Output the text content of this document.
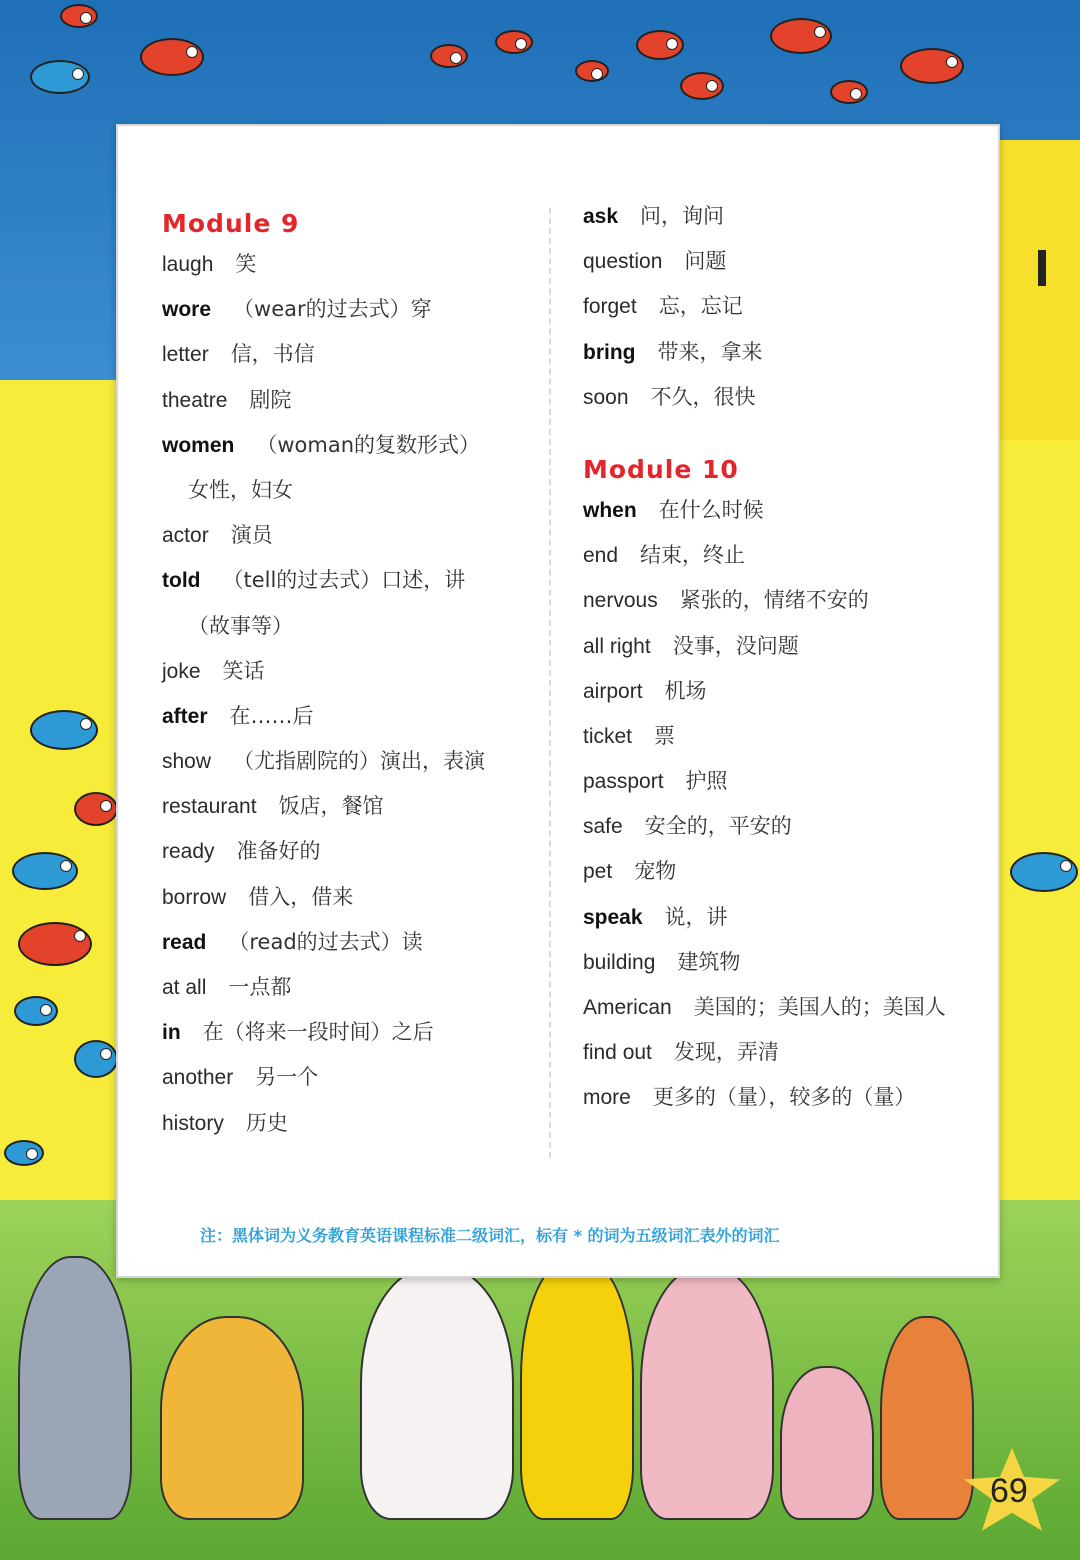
Module 9
laugh 笑
wore （wear的过去式）穿
letter 信，书信
theatre 剧院
women （woman的复数形式）
女性，妇女
actor 演员
told （tell的过去式）口述，讲
（故事等）
joke 笑话
after 在……后
show （尤指剧院的）演出，表演
restaurant 饭店，餐馆
ready 准备好的
borrow 借入，借来
read （read的过去式）读
at all 一点都
in 在（将来一段时间）之后
another 另一个
history 历史
ask 问，询问
question 问题
forget 忘，忘记
bring 带来，拿来
soon 不久，很快
Module 10
when 在什么时候
end 结束，终止
nervous 紧张的，情绪不安的
all right 没事，没问题
airport 机场
ticket 票
passport 护照
safe 安全的，平安的
pet 宠物
speak 说，讲
building 建筑物
American 美国的；美国人的；美国人
find out 发现，弄清
more 更多的（量），较多的（量）
注：黑体词为义务教育英语课程标准二级词汇，标有 * 的词为五级词汇表外的词汇
69
